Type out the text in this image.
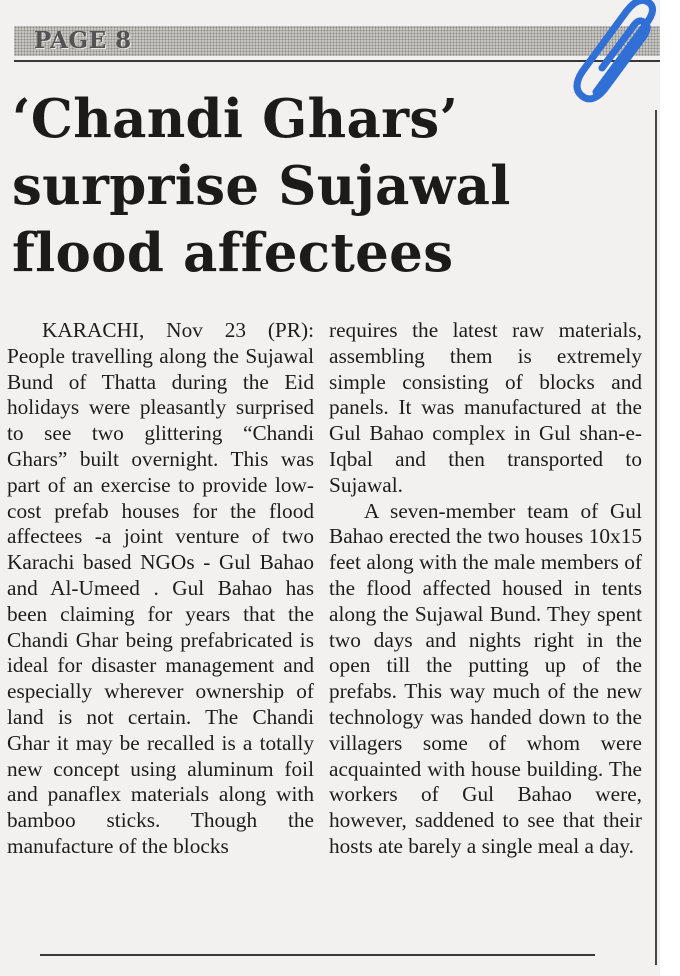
PAGE 8
‘Chandi Ghars’
surprise Sujawal
flood affectees

KARACHI, Nov 23 (PR): People travelling along the Sujawal Bund of Thatta during the Eid holidays were pleasantly surprised to see two glittering “Chandi Ghars” built overnight. This was part of an exercise to provide low-cost prefab houses for the flood affectees -a joint venture of two Karachi based NGOs - Gul Bahao and Al-Umeed . Gul Bahao has been claiming for years that the Chandi Ghar being prefabricated is ideal for disaster management and especially wherever ownership of land is not certain. The Chandi Ghar it may be recalled is a totally new concept using aluminum foil and panaflex materials along with bamboo sticks. Though the manufacture of the blocks

requires the latest raw materials, assembling them is extremely simple consisting of blocks and panels. It was manufactured at the Gul Bahao complex in Gul shan-e-Iqbal and then transported to Sujawal.

A seven-member team of Gul Bahao erected the two houses 10x15 feet along with the male members of the flood affected housed in tents along the Sujawal Bund. They spent two days and nights right in the open till the putting up of the prefabs. This way much of the new technology was handed down to the villagers some of whom were acquainted with house building. The workers of Gul Bahao were, however, saddened to see that their hosts ate barely a single meal a day.
